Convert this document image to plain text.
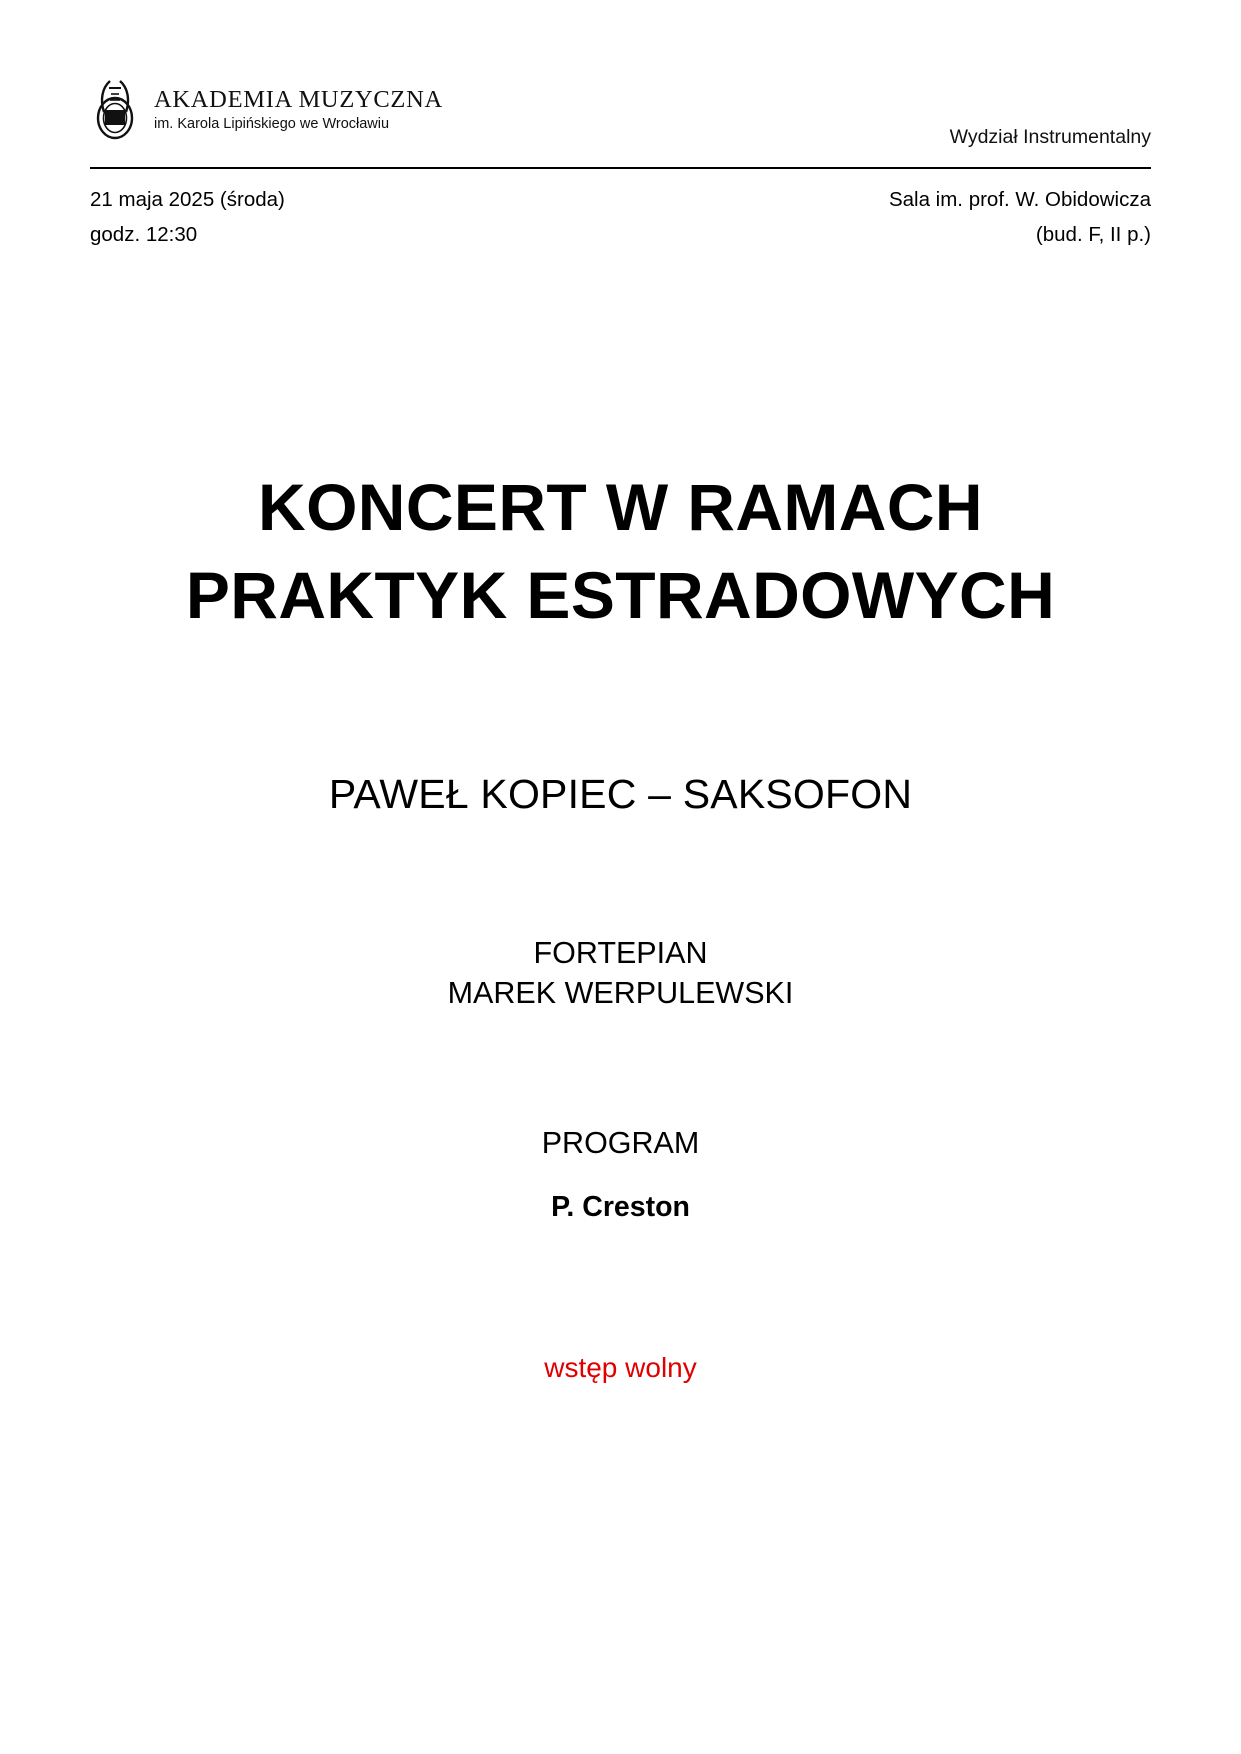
AKADEMIA MUZYCZNA
im. Karola Lipińskiego we Wrocławiu
Wydział Instrumentalny
21 maja 2025 (środa)
godz. 12:30
Sala im. prof. W. Obidowicza
(bud. F, II p.)
KONCERT W RAMACH PRAKTYK ESTRADOWYCH
PAWEŁ KOPIEC – SAKSOFON
FORTEPIAN
MAREK WERPULEWSKI
PROGRAM
P. Creston
wstęp wolny
